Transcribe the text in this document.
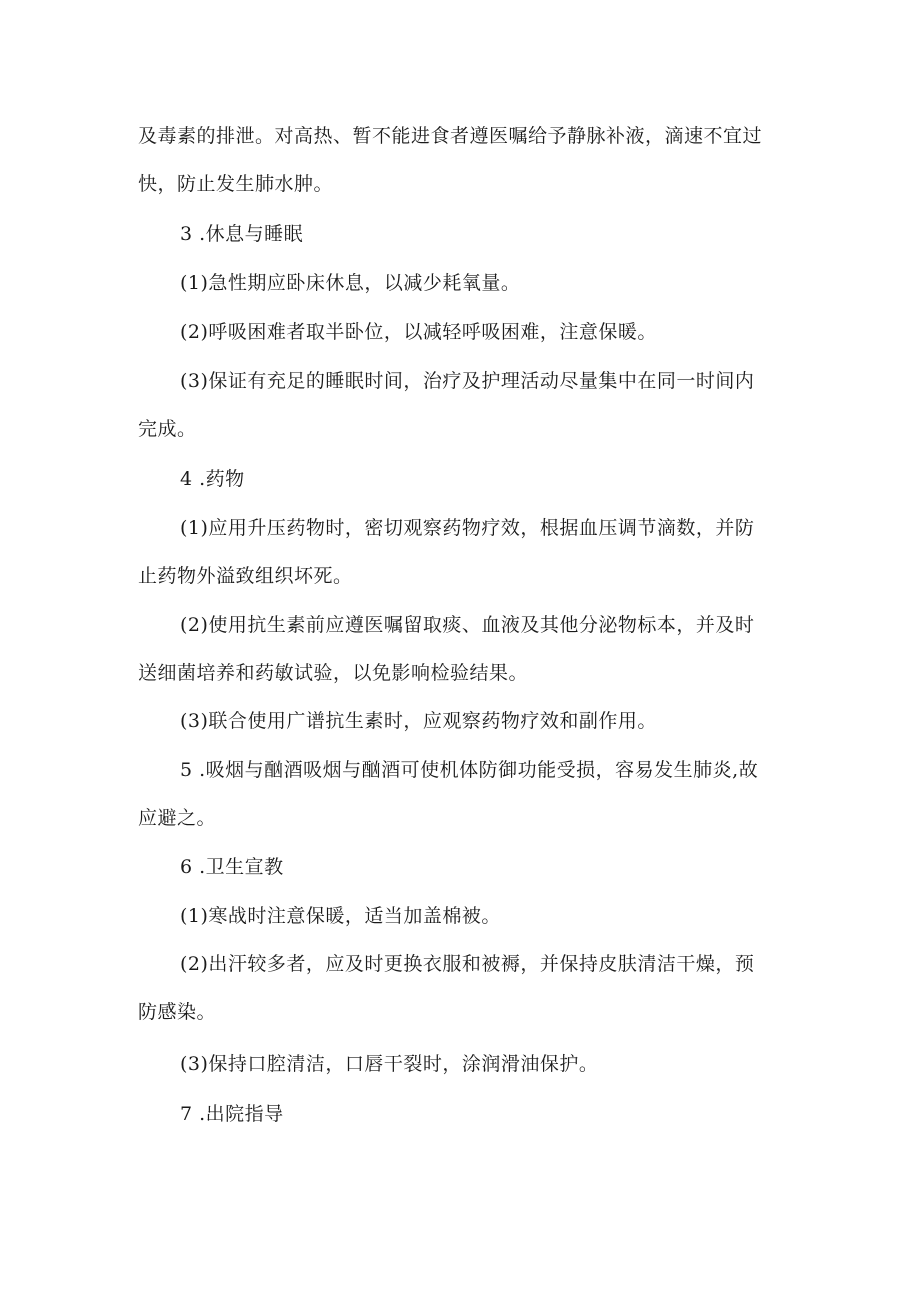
及毒素的排泄。对高热、暂不能进食者遵医嘱给予静脉补液，滴速不宜过
快，防止发生肺水肿。
3 .休息与睡眠
(1)急性期应卧床休息，以减少耗氧量。
(2)呼吸困难者取半卧位，以减轻呼吸困难，注意保暖。
(3)保证有充足的睡眠时间，治疗及护理活动尽量集中在同一时间内
完成。
4 .药物
(1)应用升压药物时，密切观察药物疗效，根据血压调节滴数，并防
止药物外溢致组织坏死。
(2)使用抗生素前应遵医嘱留取痰、血液及其他分泌物标本，并及时
送细菌培养和药敏试验，以免影响检验结果。
(3)联合使用广谱抗生素时，应观察药物疗效和副作用。
5 .吸烟与酗酒吸烟与酗酒可使机体防御功能受损，容易发生肺炎,故
应避之。
6 .卫生宣教
(1)寒战时注意保暖，适当加盖棉被。
(2)出汗较多者，应及时更换衣服和被褥，并保持皮肤清洁干燥，预
防感染。
(3)保持口腔清洁，口唇干裂时，涂润滑油保护。
7 .出院指导
